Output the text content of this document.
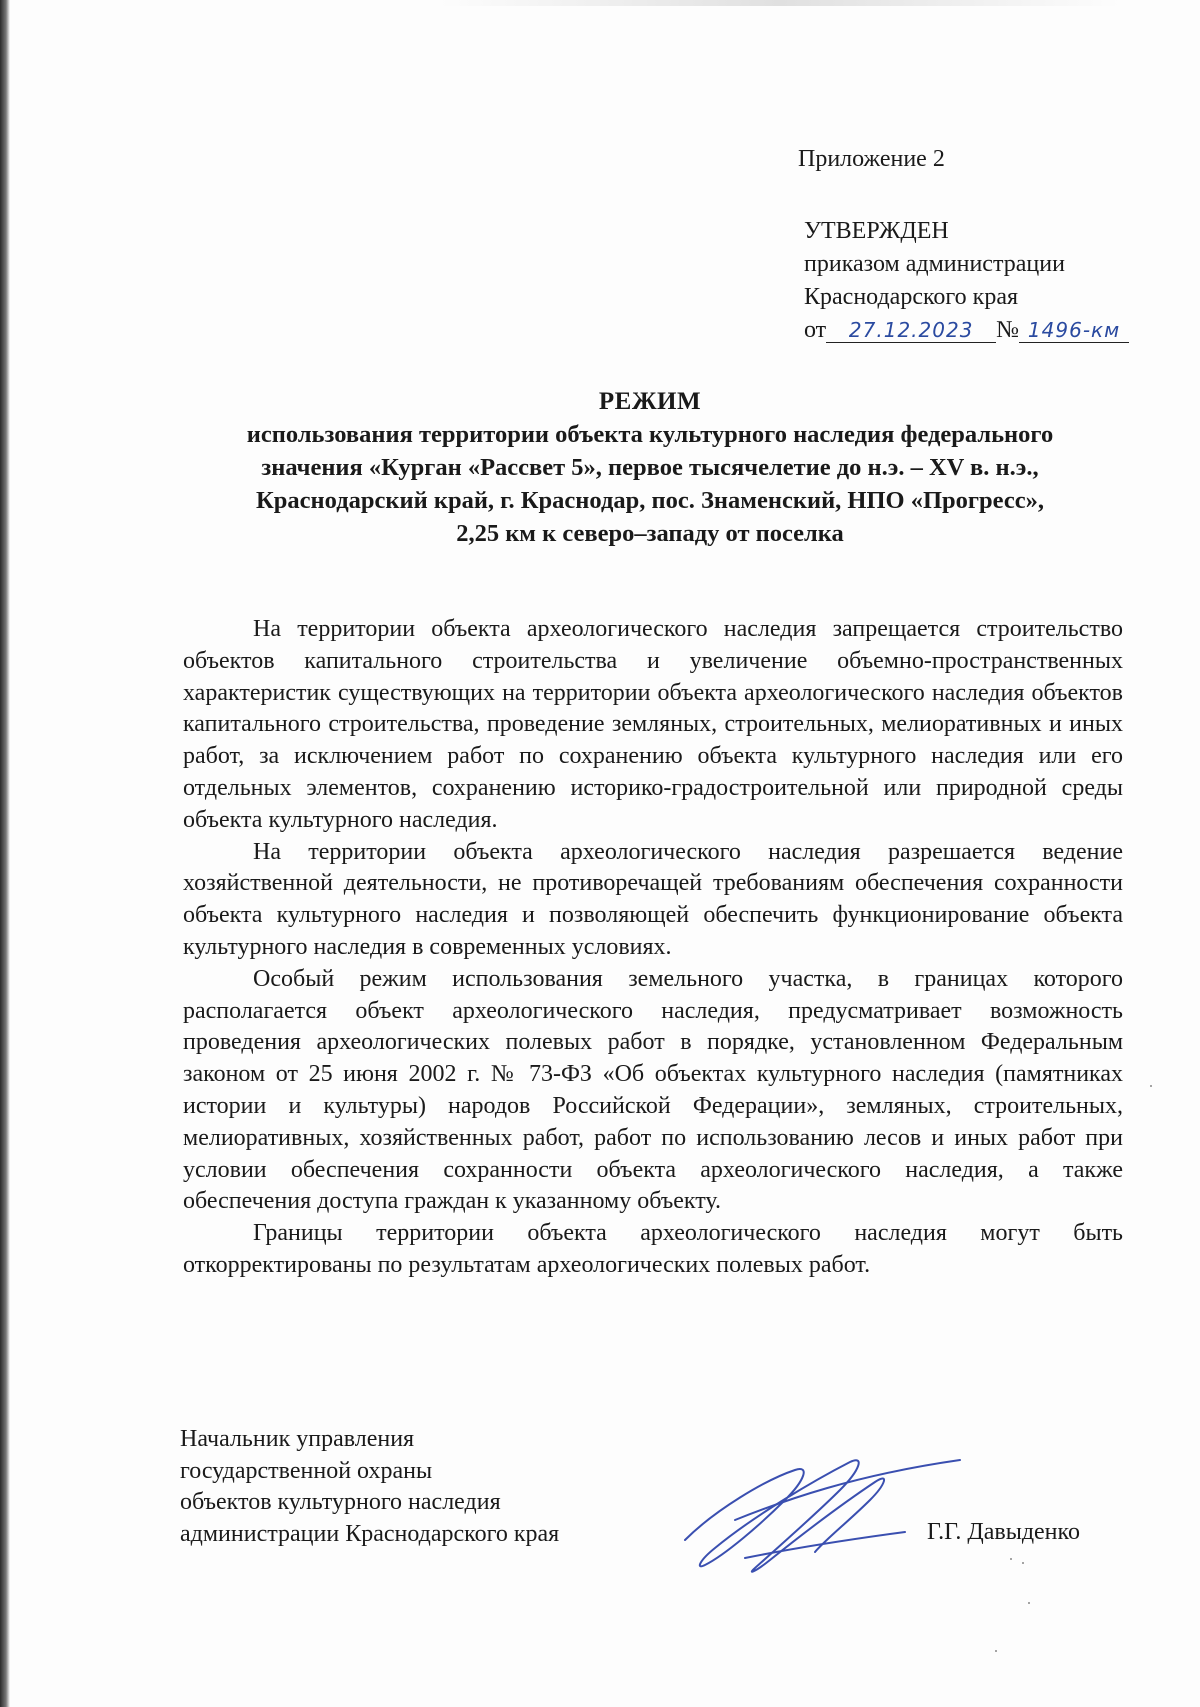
Приложение 2
УТВЕРЖДЕН
приказом администрации
Краснодарского края
от 27.12.2023 № 1496-км
РЕЖИМ
использования территории объекта культурного наследия федерального
значения «Курган «Рассвет 5», первое тысячелетие до н.э. – XV в. н.э.,
Краснодарский край, г. Краснодар, пос. Знаменский, НПО «Прогресс»,
2,25 км к северо–западу от поселка

На территории объекта археологического наследия запрещается строительство объектов капитального строительства и увеличение объемно-пространственных характеристик существующих на территории объекта археологического наследия объектов капитального строительства, проведение земляных, строительных, мелиоративных и иных работ, за исключением работ по сохранению объекта культурного наследия или его отдельных элементов, сохранению историко-градостроительной или природной среды объекта культурного наследия.

На территории объекта археологического наследия разрешается ведение хозяйственной деятельности, не противоречащей требованиям обеспечения сохранности объекта культурного наследия и позволяющей обеспечить функционирование объекта культурного наследия в современных условиях.

Особый режим использования земельного участка, в границах которого располагается объект археологического наследия, предусматривает возможность проведения археологических полевых работ в порядке, установленном Федеральным законом от 25 июня 2002 г. № 73-ФЗ «Об объектах культурного наследия (памятниках истории и культуры) народов Российской Федерации», земляных, строительных, мелиоративных, хозяйственных работ, работ по использованию лесов и иных работ при условии обеспечения сохранности объекта археологического наследия, а также обеспечения доступа граждан к указанному объекту.

Границы территории объекта археологического наследия могут быть откорректированы по результатам археологических полевых работ.

Начальник управления
государственной охраны
объектов культурного наследия
администрации Краснодарского края	Г.Г. Давыденко
